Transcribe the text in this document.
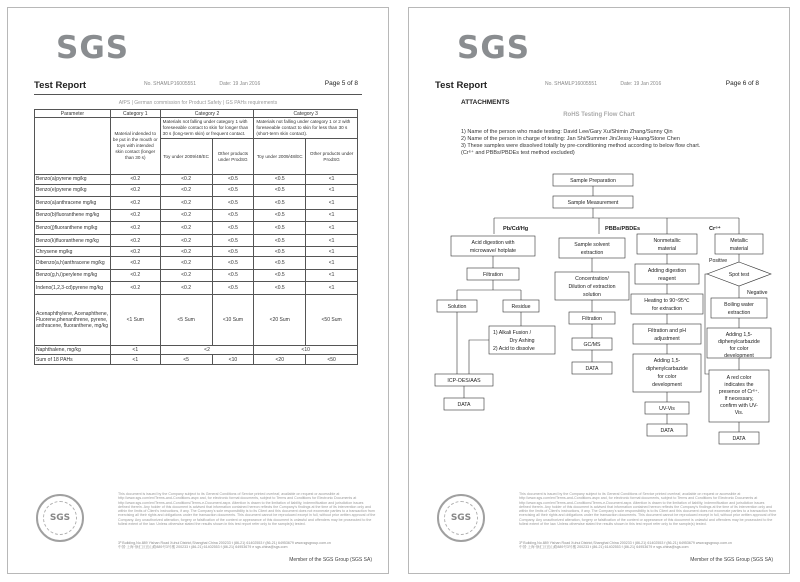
SGS
Test Report	No. SHAMLP16005551	Date: 19 Jan 2016	Page 5 of 8
AfPS | German commission for Product Safety | GS PAHs requirements
Parameter	Category 1	Category 2		Category 3	
	Material indended to be put in the mouth or toys with intended skin contact (longer than 30 s)	Materials not falling under category 1 with foreseeable contact to skin for longer than 30 s (long-term skin) or frequent contact.		Materials not falling under category 1 or 2 with foreseeable contact to skin for less than 30 s (short-term skin contact).	
		Toy under 2009/48/EC	Other products under ProdSG	Toy under 2009/48/EC	Other products under ProdSG
Benzo(a)pyrene mg/kg	<0.2	<0.2	<0.5	<0.5	<1
Benzo(e)pyrene mg/kg	<0.2	<0.2	<0.5	<0.5	<1
Benzo(a)anthracene mg/kg	<0.2	<0.2	<0.5	<0.5	<1
Benzo(b)fluoranthene mg/kg	<0.2	<0.2	<0.5	<0.5	<1
Benzo(j)fluoranthene mg/kg	<0.2	<0.2	<0.5	<0.5	<1
Benzo(k)fluoranthene mg/kg	<0.2	<0.2	<0.5	<0.5	<1
Chrysene mg/kg	<0.2	<0.2	<0.5	<0.5	<1
Dibenzo(a,h)anthracene mg/kg	<0.2	<0.2	<0.5	<0.5	<1
Benzo(g,h,i)perylene mg/kg	<0.2	<0.2	<0.5	<0.5	<1
Indeno(1,2,3-cd)pyrene mg/kg	<0.2	<0.2	<0.5	<0.5	<1
Acenaphthylene, Acenaphthene, Fluorene,phenanthrene, pyrene, anthracene, fluoranthene, mg/kg	<1 Sum	<5 Sum	<10 Sum	<20 Sum	<50 Sum
Naphthalene, mg/kg	<1	<2		<10	
Sum of 18 PAHs	<1	<5	<10	<20	<50
SGS
This document is issued by the Company subject to its General Conditions of Service printed overleaf, available on request or accessible at http://www.sgs.com/en/Terms-and-Conditions.aspx and, for electronic format documents, subject to Terms and Conditions for Electronic Documents at http://www.sgs.com/en/Terms-and-Conditions/Terms-e-Document.aspx. Attention is drawn to the limitation of liability, indemnification and jurisdiction issues defined therein. Any holder of this document is advised that information contained hereon reflects the Company's findings at the time of its intervention only and within the limits of Client's instructions, if any. The Company's sole responsibility is to its Client and this document does not exonerate parties to a transaction from exercising all their rights and obligations under the transaction documents. This document cannot be reproduced except in full, without prior written approval of the Company. Any unauthorized alteration, forgery or falsification of the content or appearance of this document is unlawful and offenders may be prosecuted to the fullest extent of the law. Unless otherwise stated the results shown in this test report refer only to the sample(s) tested.
3º Building,No.889 Yishan Road Xuhui District,Shanghai China 200233 t (86-21) 61402553 f (86-21) 64953679 www.sgsgroup.com.cn
中国·上海·徐汇区宜山路889号3号楼 200233 t (86-21) 61402553 f (86-21) 64953679 e sgs.china@sgs.com
Member of the SGS Group (SGS SA)
SGS
Test Report	No. SHAMLP16005551	Date: 19 Jan 2016	Page 6 of 8
ATTACHMENTS
RoHS Testing Flow Chart
1) Name of the person who made testing: David Lee/Gary Xu/Shimin Zhang/Sunny Qin
2) Name of the person in charge of testing: Jan Shi/Summer Jin/Jessy Huang/Stone Chen
3) These samples were dissolved totally by pre-conditioning method according to below flow chart.
(Cr⁶⁺ and PBBs/PBDEs test method excluded)
Sample Preparation
Sample Measurement
Pb/Cd/Hg	PBBs/PBDEs	Cr⁶⁺
Acid digestion with
microwave/ hotplate
Filtration
Solution	Residue
1) Alkali Fusion /
Dry Ashing
2) Acid to dissolve
ICP-OES/AAS
DATA
Sample solvent
extraction
Concentration/
Dilution of extraction
solution
Filtration
GC/MS
DATA
Nonmetallic
material
Metallic
material
Adding digestion
reagent
Heating to 90~95℃
for extraction
Filtration and pH
adjustment
Adding 1,5-
diphenylcarbazide
for color
development
UV-Vis
DATA
Spot test
Positive
Negative
Boiling water
extraction
Adding 1,5-
diphenylcarbazide
for color
development
A red color
indicates the
presence of Cr⁶⁺.
If necessary,
confirm with UV-
Vis.
DATA
SGS
This document is issued by the Company subject to its General Conditions of Service printed overleaf, available on request or accessible at http://www.sgs.com/en/Terms-and-Conditions.aspx and, for electronic format documents, subject to Terms and Conditions for Electronic Documents at http://www.sgs.com/en/Terms-and-Conditions/Terms-e-Document.aspx. Attention is drawn to the limitation of liability, indemnification and jurisdiction issues defined therein. Any holder of this document is advised that information contained hereon reflects the Company's findings at the time of its intervention only and within the limits of Client's instructions, if any. The Company's sole responsibility is to its Client and this document does not exonerate parties to a transaction from exercising all their rights and obligations under the transaction documents. This document cannot be reproduced except in full, without prior written approval of the Company. Any unauthorized alteration, forgery or falsification of the content or appearance of this document is unlawful and offenders may be prosecuted to the fullest extent of the law. Unless otherwise stated the results shown in this test report refer only to the sample(s) tested.
3º Building,No.889 Yishan Road Xuhui District,Shanghai China 200233 t (86-21) 61402553 f (86-21) 64953679 www.sgsgroup.com.cn
中国·上海·徐汇区宜山路889号3号楼 200233 t (86-21) 61402553 f (86-21) 64953679 e sgs.china@sgs.com
Member of the SGS Group (SGS SA)
